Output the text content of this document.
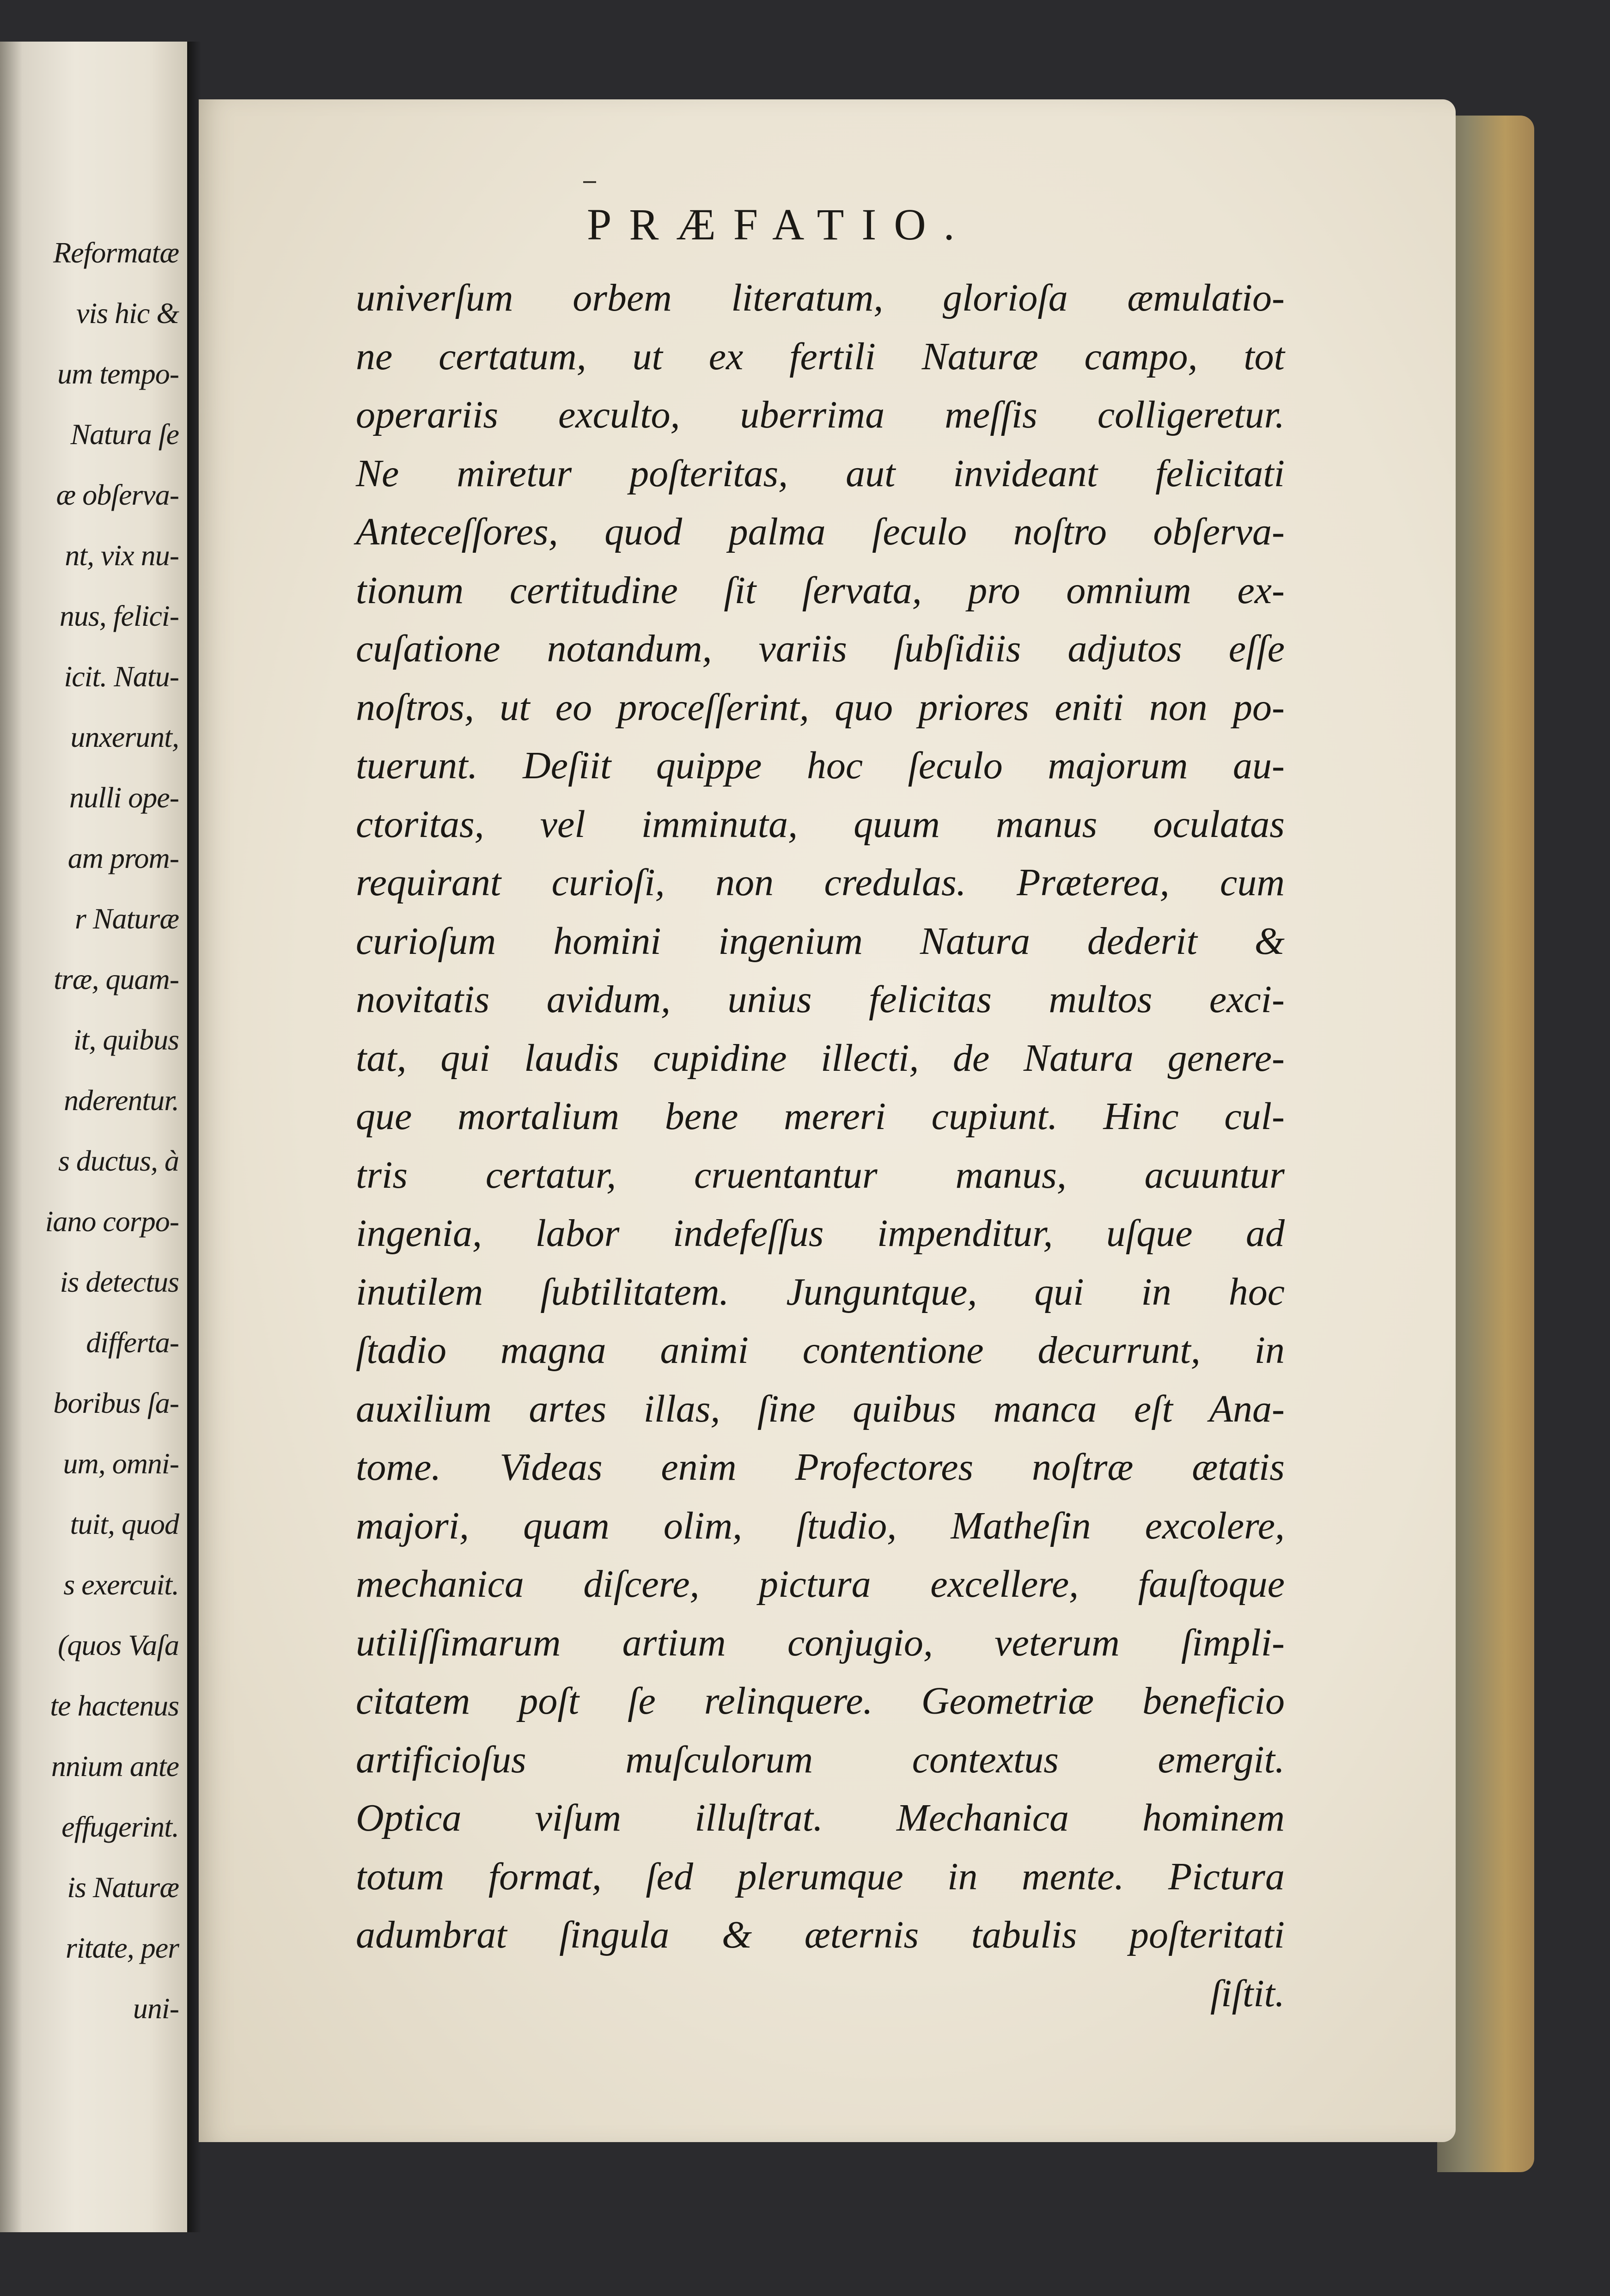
Reformatæ
vis hic &
um tempo-
Natura ſe
æ obſerva-
nt, vix nu-
nus, felici-
icit. Natu-
unxerunt,
nulli ope-
am prom-
r Naturæ
træ, quam-
it, quibus
nderentur.
s ductus, à
iano corpo-
is detectus
differta-
boribus ſa-
um, omni-
tuit, quod
s exercuit.
(quos Vaſa
te hactenus
nnium ante
effugerint.
is Naturæ
ritate, per
uni-
PRÆFATIO.
univerſum orbem literatum, glorioſa æmulatio-
ne certatum, ut ex fertili Naturæ campo, tot
operariis exculto, uberrima meſſis colligeretur.
Ne miretur poſteritas, aut invideant felicitati
Anteceſſores, quod palma ſeculo noſtro obſerva-
tionum certitudine ſit ſervata, pro omnium ex-
cuſatione notandum, variis ſubſidiis adjutos eſſe
noſtros, ut eo proceſſerint, quo priores eniti non po-
tuerunt. Deſiit quippe hoc ſeculo majorum au-
ctoritas, vel imminuta, quum manus oculatas
requirant curioſi, non credulas. Præterea, cum
curioſum homini ingenium Natura dederit &
novitatis avidum, unius felicitas multos exci-
tat, qui laudis cupidine illecti, de Natura genere-
que mortalium bene mereri cupiunt. Hinc cul-
tris certatur, cruentantur manus, acuuntur
ingenia, labor indefeſſus impenditur, uſque ad
inutilem ſubtilitatem. Junguntque, qui in hoc
ſtadio magna animi contentione decurrunt, in
auxilium artes illas, ſine quibus manca eſt Ana-
tome. Videas enim Profectores noſtræ ætatis
majori, quam olim, ſtudio, Matheſin excolere,
mechanica diſcere, pictura excellere, fauſtoque
utiliſſimarum artium conjugio, veterum ſimpli-
citatem poſt ſe relinquere. Geometriæ beneficio
artificioſus muſculorum contextus emergit.
Optica viſum illuſtrat. Mechanica hominem
totum format, ſed plerumque in mente. Pictura
adumbrat ſingula & æternis tabulis poſteritati
ſiſtit.
